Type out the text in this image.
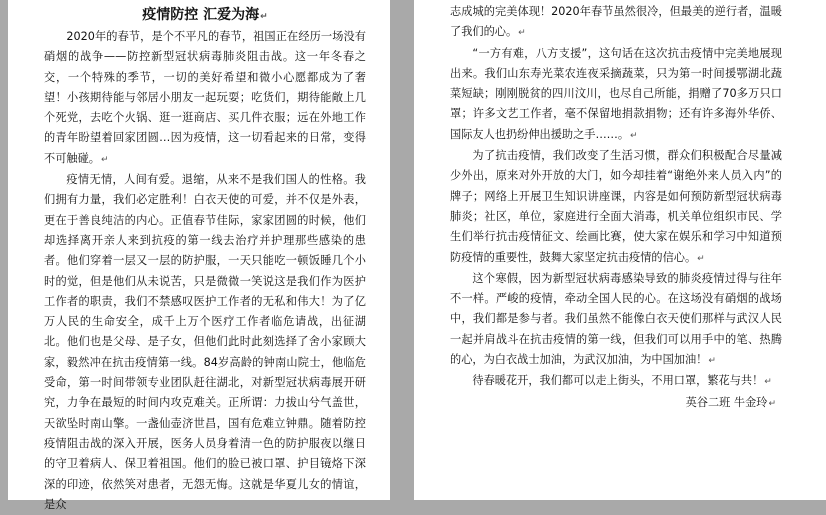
疫情防控 汇爱为海↵

2020年的春节，是个不平凡的春节，祖国正在经历一场没有硝烟的战争——防控新型冠状病毒肺炎阻击战。这一年冬春之交，一个特殊的季节，一切的美好希望和微小心愿都成为了奢望！小孩期待能与邻居小朋友一起玩耍；吃货们，期待能敞上几个死党，去吃个火锅、逛一逛商店、买几件衣服；远在外地工作的青年盼望着回家团圆…因为疫情，这一切看起来的日常，变得不可触碰。↵

疫情无情，人间有爱。退缩，从来不是我们国人的性格。我们拥有力量，我们必定胜利！白衣天使的可爱，并不仅是外表，更在于善良纯洁的内心。正值春节佳际，家家团圆的时候，他们却选择离开亲人来到抗疫的第一线去治疗并护理那些感染的患者。他们穿着一层又一层的防护服，一天只能吃一顿饭睡几个小时的觉，但是他们从未说苦，只是微微一笑说这是我们作为医护工作者的职责，我们不禁感叹医护工作者的无私和伟大！为了亿万人民的生命安全，成千上万个医疗工作者临危请战，出征湖北。他们也是父母、是子女，但他们此时此刻选择了舍小家顾大家，毅然冲在抗击疫情第一线。84岁高龄的钟南山院士，他临危受命，第一时间带领专业团队赶往湖北，对新型冠状病毒展开研究，力争在最短的时间内攻克难关。正所谓：力拔山兮气盖世，天欲坠时南山擎。一盏仙壶济世昌，国有危难立钟鼎。随着防控疫情阻击战的深入开展，医务人员身着清一色的防护服夜以继日的守卫着病人、保卫着祖国。他们的脸已被口罩、护目镜烙下深深的印迹，依然笑对患者，无怨无悔。这就是华夏儿女的情谊，是众

志成城的完美体现！2020年春节虽然很冷，但最美的逆行者，温暖了我们的心。↵

“一方有难，八方支援”，这句话在这次抗击疫情中完美地展现出来。我们山东寿光菜农连夜采摘蔬菜，只为第一时间援鄂湖北蔬菜短缺；刚刚脱贫的四川汶川，也尽自己所能，捐赠了70多万只口罩；许多文艺工作者，毫不保留地捐款捐物；还有许多海外华侨、国际友人也扔纷伸出援助之手……。↵

为了抗击疫情，我们改变了生活习惯，群众们积极配合尽量减少外出，原来对外开放的大门，如今却挂着“谢绝外来人员入内”的牌子；网络上开展卫生知识讲座课，内容是如何预防新型冠状病毒肺炎；社区，单位，家庭进行全面大消毒，机关单位组织市民、学生们举行抗击疫情征文、绘画比赛，使大家在娱乐和学习中知道预防疫情的重要性，鼓舞大家坚定抗击疫情的信心。↵

这个寒假，因为新型冠状病毒感染导致的肺炎疫情过得与往年不一样。严峻的疫情，牵动全国人民的心。在这场没有硝烟的战场中，我们都是参与者。我们虽然不能像白衣天使们那样与武汉人民一起并肩战斗在抗击疫情的第一线，但我们可以用手中的笔、热腾的心，为白衣战士加油，为武汉加油，为中国加油！↵

待春暖花开，我们都可以走上街头，不用口罩，繁花与共！↵

英谷二班 牛金玲↵
